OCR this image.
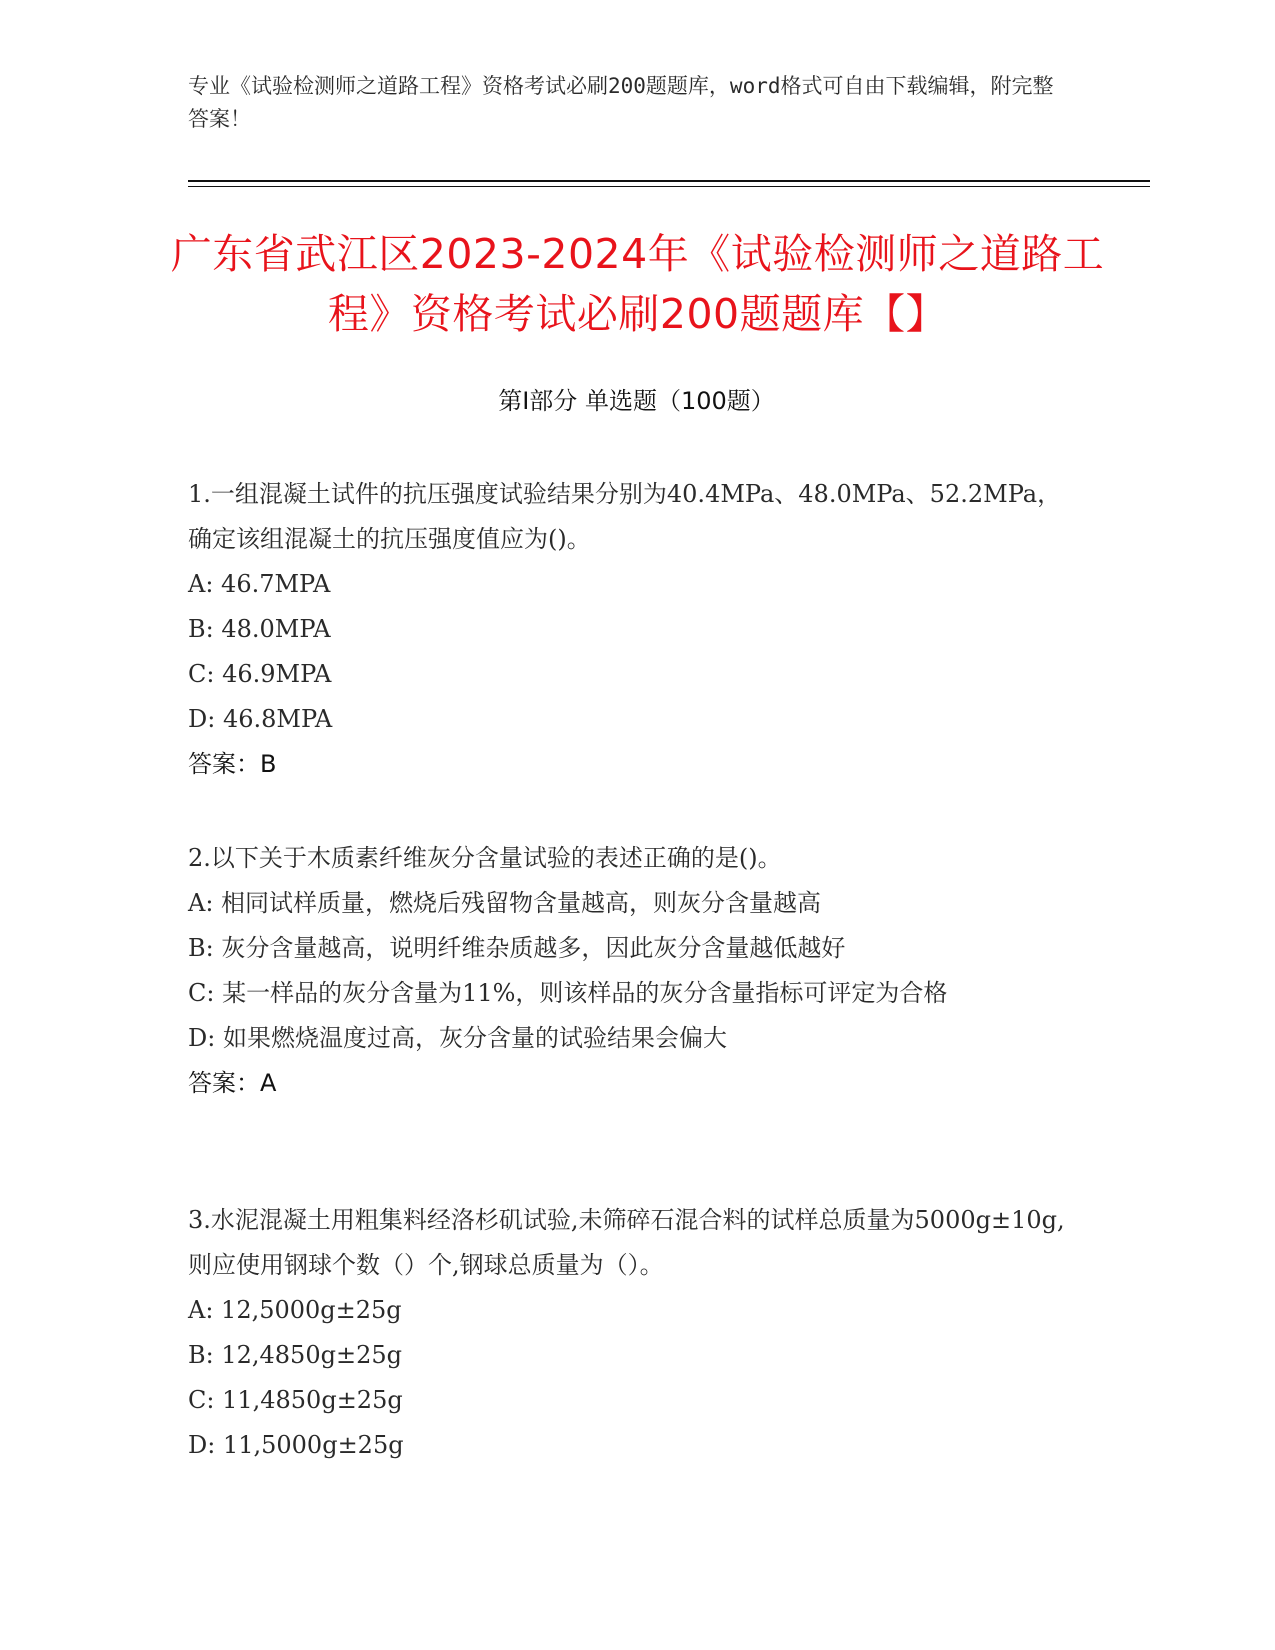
专业《试验检测师之道路工程》资格考试必刷200题题库，word格式可自由下载编辑，附完整答案！
广东省武江区2023-2024年《试验检测师之道路工程》资格考试必刷200题题库【】
第I部分 单选题（100题）

1.一组混凝土试件的抗压强度试验结果分别为40.4MPa、48.0MPa、52.2MPa，确定该组混凝土的抗压强度值应为()。

A: 46.7MPA

B: 48.0MPA

C: 46.9MPA

D: 46.8MPA

答案：B

2.以下关于木质素纤维灰分含量试验的表述正确的是()。

A: 相同试样质量，燃烧后残留物含量越高，则灰分含量越高

B: 灰分含量越高，说明纤维杂质越多，因此灰分含量越低越好

C: 某一样品的灰分含量为11%，则该样品的灰分含量指标可评定为合格

D: 如果燃烧温度过高，灰分含量的试验结果会偏大

答案：A

3.水泥混凝土用粗集料经洛杉矶试验,未筛碎石混合料的试样总质量为5000g±10g,则应使用钢球个数（）个,钢球总质量为（）。

A: 12,5000g±25g

B: 12,4850g±25g

C: 11,4850g±25g

D: 11,5000g±25g
